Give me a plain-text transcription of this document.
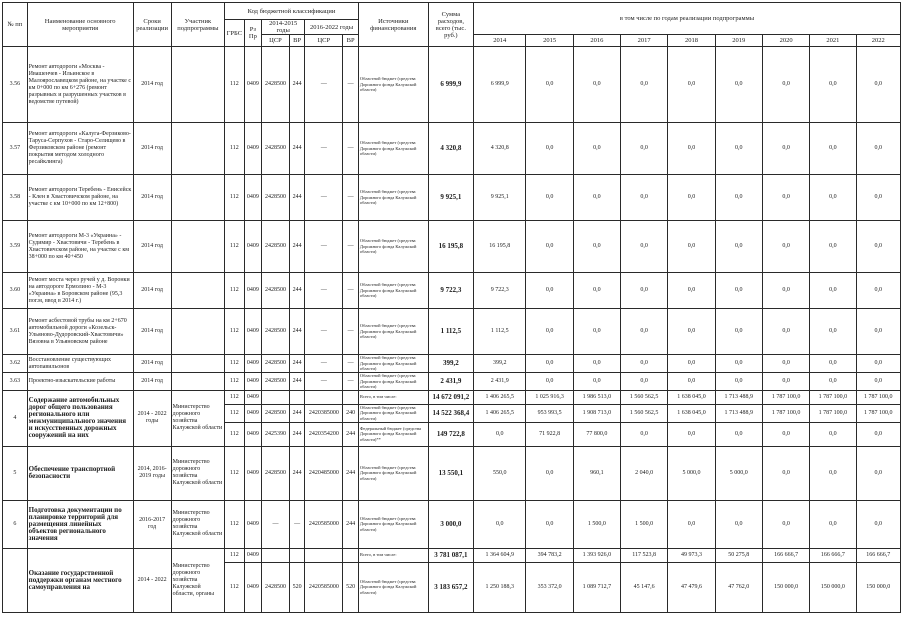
№ пп	Наименование основного мероприятия	Сроки реализации	Участник подпрограммы	Код бюджетной классификации						Источники финансирования	Сумма расходов, всего (тыс. руб.)	в том числе по годам реализации подпрограммы								
				ГРБС	Рз Пр	2014-2015 годы		2016-2022 годы												
						ЦСР	ВР	ЦСР	ВР			2014	2015	2016	2017	2018	2019	2020	2021	2022
3.56	Ремонт автодороги «Москва - Ивашенчев - Ильинское в Малоярославецком районе, на участке с км 0+000 по км 6+276 (ремонт разрывных и разрушенных участков в ведомстве путевой)	2014 год		112	0409	2428500	244	—	—	Областной бюджет (средства Дорожного фонда Калужской области)	6 999,9	6 999,9	0,0	0,0	0,0	0,0	0,0	0,0	0,0	0,0
3.57	Ремонт автодороги «Калуга-Ферзиково-Таруса-Серпухов - Старо-Селищево в Ферзиковском районе (ремонт покрытия методом холодного ресайклинга)	2014 год		112	0409	2428500	244	—	—	Областной бюджет (средства Дорожного фонда Калужской области)	4 320,8	4 320,8	0,0	0,0	0,0	0,0	0,0	0,0	0,0	0,0
3.58	Ремонт автодороги Теребень - Енисейск - Клен в Хвастовичском районе, на участке с км 10+000 по км 12+800)	2014 год		112	0409	2428500	244	—	—	Областной бюджет (средства Дорожного фонда Калужской области)	9 925,1	9 925,1	0,0	0,0	0,0	0,0	0,0	0,0	0,0	0,0
3.59	Ремонт автодороги М-3 «Украина» - Судимир - Хвастовичи - Теребень в Хвастовичском районе, на участке с км 38+000 по км 40+450	2014 год		112	0409	2428500	244	—	—	Областной бюджет (средства Дорожного фонда Калужской области)	16 195,8	16 195,8	0,0	0,0	0,0	0,0	0,0	0,0	0,0	0,0
3.60	Ремонт моста через ручей у д. Воронки на автодороге Ермолино - М-3 «Украина» в Боровском районе (95,3 пог.м, ввод в 2014 г.)	2014 год		112	0409	2428500	244	—	—	Областной бюджет (средства Дорожного фонда Калужской области)	9 722,3	9 722,3	0,0	0,0	0,0	0,0	0,0	0,0	0,0	0,0
3.61	Ремонт асбестовой трубы на км 2+670 автомобильной дороги «Козельск-Ульяново-Дудоровский-Хвастовичи» Вязовна в Ульяновском районе	2014 год		112	0409	2428500	244	—	—	Областной бюджет (средства Дорожного фонда Калужской области)	1 112,5	1 112,5	0,0	0,0	0,0	0,0	0,0	0,0	0,0	0,0
3.62	Восстановление существующих автопавильонов	2014 год		112	0409	2428500	244	—	—	Областной бюджет (средства Дорожного фонда Калужской области)	399,2	399,2	0,0	0,0	0,0	0,0	0,0	0,0	0,0	0,0
3.63	Проектно-изыскательские работы	2014 год		112	0409	2428500	244	—	—	Областной бюджет (средства Дорожного фонда Калужской области)	2 431,9	2 431,9	0,0	0,0	0,0	0,0	0,0	0,0	0,0	0,0
4	Содержание автомобильных дорог общего пользования регионального или межмуниципального значения и искусственных дорожных сооружений на них	2014 - 2022 годы	Министерство дорожного хозяйства Калужской области	112	0409					Всего, в том числе:	14 672 091,2	1 406 265,5	1 025 916,3	1 986 513,0	1 560 562,5	1 638 045,0	1 713 488,9	1 787 100,0	1 787 100,0	1 787 100,0
				112	0409	2428500	244	2420385000	240	Областной бюджет (средства Дорожного фонда Калужской области)	14 522 368,4	1 406 265,5	953 993,5	1 908 713,0	1 560 562,5	1 638 045,0	1 713 488,9	1 787 100,0	1 787 100,0	1 787 100,0
				112	0409	2425390	244	2420354200	244	Федеральный бюджет (средства Дорожного фонда Калужской области)**	149 722,8	0,0	71 922,8	77 800,0	0,0	0,0	0,0	0,0	0,0	0,0
5	Обеспечение транспортной безопасности	2014, 2016-2019 годы	Министерство дорожного хозяйства Калужской области	112	0409	2428500	244	2420485000	244	Областной бюджет (средства Дорожного фонда Калужской области)	13 550,1	550,0	0,0	960,1	2 040,0	5 000,0	5 000,0	0,0	0,0	0,0
6	Подготовка документации по планировке территорий для размещения линейных объектов регионального значения	2016-2017 год	Министерство дорожного хозяйства Калужской области	112	0409	—	—	2420585000	244	Областной бюджет (средства Дорожного фонда Калужской области)	3 000,0	0,0	0,0	1 500,0	1 500,0	0,0	0,0	0,0	0,0	0,0
	Оказание государственной поддержки органам местного самоуправления на	2014 - 2022	Министерство дорожного хозяйства Калужской области, органы	112	0409					Всего, в том числе:	3 781 087,1	1 364 604,9	394 783,2	1 393 926,0	117 523,8	49 973,3	50 275,8	166 666,7	166 666,7	166 666,7
				112	0409	2428500	520	2420585000	520	Областной бюджет (средства Дорожного фонда Калужской области)	3 183 657,2	1 250 188,3	353 372,0	1 089 712,7	45 147,6	47 479,6	47 762,0	150 000,0	150 000,0	150 000,0
